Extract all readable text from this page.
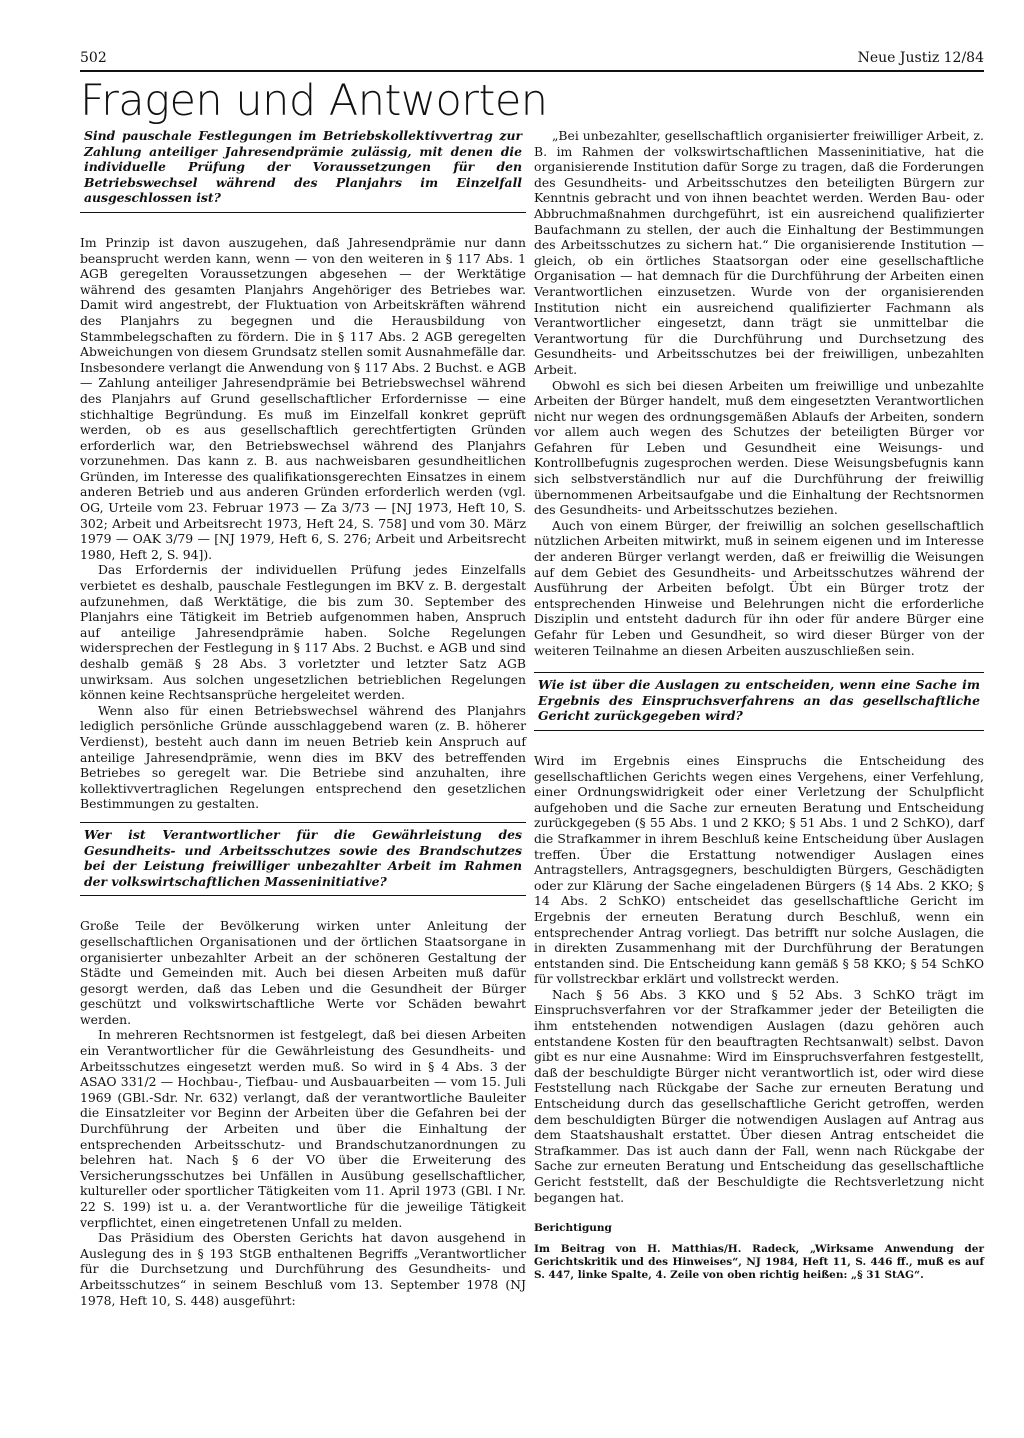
502	Neue Justiz 12/84
Fragen und Antworten
Sind pauschale Festlegungen im Betriebskollektivvertrag zur Zahlung anteiliger Jahresendprämie zulässig, mit denen die individuelle Prüfung der Voraussetzungen für den Betriebswechsel während des Planjahrs im Einzelfall ausgeschlossen ist?

Im Prinzip ist davon auszugehen, daß Jahresendprämie nur dann beansprucht werden kann, wenn — von den weiteren in § 117 Abs. 1 AGB geregelten Voraussetzungen abgesehen — der Werktätige während des gesamten Planjahrs Angehöriger des Betriebes war. Damit wird angestrebt, der Fluktuation von Arbeitskräften während des Planjahrs zu begegnen und die Herausbildung von Stammbelegschaften zu fördern. Die in § 117 Abs. 2 AGB geregelten Abweichungen von diesem Grundsatz stellen somit Ausnahmefälle dar. Insbesondere verlangt die Anwendung von § 117 Abs. 2 Buchst. e AGB — Zahlung anteiliger Jahresendprämie bei Betriebswechsel während des Planjahrs auf Grund gesellschaftlicher Erfordernisse — eine stichhaltige Begründung. Es muß im Einzelfall konkret geprüft werden, ob es aus gesellschaftlich gerechtfertigten Gründen erforderlich war, den Betriebswechsel während des Planjahrs vorzunehmen. Das kann z. B. aus nachweisbaren gesundheitlichen Gründen, im Interesse des qualifikationsgerechten Einsatzes in einem anderen Betrieb und aus anderen Gründen erforderlich werden (vgl. OG, Urteile vom 23. Februar 1973 — Za 3/73 — [NJ 1973, Heft 10, S. 302; Arbeit und Arbeitsrecht 1973, Heft 24, S. 758] und vom 30. März 1979 — OAK 3/79 — [NJ 1979, Heft 6, S. 276; Arbeit und Arbeitsrecht 1980, Heft 2, S. 94]).

Das Erfordernis der individuellen Prüfung jedes Einzelfalls verbietet es deshalb, pauschale Festlegungen im BKV z. B. dergestalt aufzunehmen, daß Werktätige, die bis zum 30. September des Planjahrs eine Tätigkeit im Betrieb aufgenommen haben, Anspruch auf anteilige Jahresendprämie haben. Solche Regelungen widersprechen der Festlegung in § 117 Abs. 2 Buchst. e AGB und sind deshalb gemäß § 28 Abs. 3 vorletzter und letzter Satz AGB unwirksam. Aus solchen ungesetzlichen betrieblichen Regelungen können keine Rechtsansprüche hergeleitet werden.

Wenn also für einen Betriebswechsel während des Planjahrs lediglich persönliche Gründe ausschlaggebend waren (z. B. höherer Verdienst), besteht auch dann im neuen Betrieb kein Anspruch auf anteilige Jahresendprämie, wenn dies im BKV des betreffenden Betriebes so geregelt war. Die Betriebe sind anzuhalten, ihre kollektivvertraglichen Regelungen entsprechend den gesetzlichen Bestimmungen zu gestalten.

Wer ist Verantwortlicher für die Gewährleistung des Gesundheits- und Arbeitsschutzes sowie des Brandschutzes bei der Leistung freiwilliger unbezahlter Arbeit im Rahmen der volkswirtschaftlichen Masseninitiative?

Große Teile der Bevölkerung wirken unter Anleitung der gesellschaftlichen Organisationen und der örtlichen Staatsorgane in organisierter unbezahlter Arbeit an der schöneren Gestaltung der Städte und Gemeinden mit. Auch bei diesen Arbeiten muß dafür gesorgt werden, daß das Leben und die Gesundheit der Bürger geschützt und volkswirtschaftliche Werte vor Schäden bewahrt werden.

In mehreren Rechtsnormen ist festgelegt, daß bei diesen Arbeiten ein Verantwortlicher für die Gewährleistung des Gesundheits- und Arbeitsschutzes eingesetzt werden muß. So wird in § 4 Abs. 3 der ASAO 331/2 — Hochbau-, Tiefbau- und Ausbauarbeiten — vom 15. Juli 1969 (GBl.-Sdr. Nr. 632) verlangt, daß der verantwortliche Bauleiter die Einsatzleiter vor Beginn der Arbeiten über die Gefahren bei der Durchführung der Arbeiten und über die Einhaltung der entsprechenden Arbeitsschutz- und Brandschutzanordnungen zu belehren hat. Nach § 6 der VO über die Erweiterung des Versicherungsschutzes bei Unfällen in Ausübung gesellschaftlicher, kultureller oder sportlicher Tätigkeiten vom 11. April 1973 (GBl. I Nr. 22 S. 199) ist u. a. der Verantwortliche für die jeweilige Tätigkeit verpflichtet, einen eingetretenen Unfall zu melden.

Das Präsidium des Obersten Gerichts hat davon ausgehend in Auslegung des in § 193 StGB enthaltenen Begriffs „Verantwortlicher für die Durchsetzung und Durchführung des Gesundheits- und Arbeitsschutzes“ in seinem Beschluß vom 13. September 1978 (NJ 1978, Heft 10, S. 448) ausgeführt:

„Bei unbezahlter, gesellschaftlich organisierter freiwilliger Arbeit, z. B. im Rahmen der volkswirtschaftlichen Masseninitiative, hat die organisierende Institution dafür Sorge zu tragen, daß die Forderungen des Gesundheits- und Arbeitsschutzes den beteiligten Bürgern zur Kenntnis gebracht und von ihnen beachtet werden. Werden Bau- oder Abbruchmaßnahmen durchgeführt, ist ein ausreichend qualifizierter Baufachmann zu stellen, der auch die Einhaltung der Bestimmungen des Arbeitsschutzes zu sichern hat.“ Die organisierende Institution — gleich, ob ein örtliches Staatsorgan oder eine gesellschaftliche Organisation — hat demnach für die Durchführung der Arbeiten einen Verantwortlichen einzusetzen. Wurde von der organisierenden Institution nicht ein ausreichend qualifizierter Fachmann als Verantwortlicher eingesetzt, dann trägt sie unmittelbar die Verantwortung für die Durchführung und Durchsetzung des Gesundheits- und Arbeitsschutzes bei der freiwilligen, unbezahlten Arbeit.

Obwohl es sich bei diesen Arbeiten um freiwillige und unbezahlte Arbeiten der Bürger handelt, muß dem eingesetzten Verantwortlichen nicht nur wegen des ordnungsgemäßen Ablaufs der Arbeiten, sondern vor allem auch wegen des Schutzes der beteiligten Bürger vor Gefahren für Leben und Gesundheit eine Weisungs- und Kontrollbefugnis zugesprochen werden. Diese Weisungsbefugnis kann sich selbstverständlich nur auf die Durchführung der freiwillig übernommenen Arbeitsaufgabe und die Einhaltung der Rechtsnormen des Gesundheits- und Arbeitsschutzes beziehen.

Auch von einem Bürger, der freiwillig an solchen gesellschaftlich nützlichen Arbeiten mitwirkt, muß in seinem eigenen und im Interesse der anderen Bürger verlangt werden, daß er freiwillig die Weisungen auf dem Gebiet des Gesundheits- und Arbeitsschutzes während der Ausführung der Arbeiten befolgt. Übt ein Bürger trotz der entsprechenden Hinweise und Belehrungen nicht die erforderliche Disziplin und entsteht dadurch für ihn oder für andere Bürger eine Gefahr für Leben und Gesundheit, so wird dieser Bürger von der weiteren Teilnahme an diesen Arbeiten auszuschließen sein.

Wie ist über die Auslagen zu entscheiden, wenn eine Sache im Ergebnis des Einspruchsverfahrens an das gesellschaftliche Gericht zurückgegeben wird?

Wird im Ergebnis eines Einspruchs die Entscheidung des gesellschaftlichen Gerichts wegen eines Vergehens, einer Verfehlung, einer Ordnungswidrigkeit oder einer Verletzung der Schulpflicht aufgehoben und die Sache zur erneuten Beratung und Entscheidung zurückgegeben (§ 55 Abs. 1 und 2 KKO; § 51 Abs. 1 und 2 SchKO), darf die Strafkammer in ihrem Beschluß keine Entscheidung über Auslagen treffen. Über die Erstattung notwendiger Auslagen eines Antragstellers, Antragsgegners, beschuldigten Bürgers, Geschädigten oder zur Klärung der Sache eingeladenen Bürgers (§ 14 Abs. 2 KKO; § 14 Abs. 2 SchKO) entscheidet das gesellschaftliche Gericht im Ergebnis der erneuten Beratung durch Beschluß, wenn ein entsprechender Antrag vorliegt. Das betrifft nur solche Auslagen, die in direkten Zusammenhang mit der Durchführung der Beratungen entstanden sind. Die Entscheidung kann gemäß § 58 KKO; § 54 SchKO für vollstreckbar erklärt und vollstreckt werden.

Nach § 56 Abs. 3 KKO und § 52 Abs. 3 SchKO trägt im Einspruchsverfahren vor der Strafkammer jeder der Beteiligten die ihm entstehenden notwendigen Auslagen (dazu gehören auch entstandene Kosten für den beauftragten Rechtsanwalt) selbst. Davon gibt es nur eine Ausnahme: Wird im Einspruchsverfahren festgestellt, daß der beschuldigte Bürger nicht verantwortlich ist, oder wird diese Feststellung nach Rückgabe der Sache zur erneuten Beratung und Entscheidung durch das gesellschaftliche Gericht getroffen, werden dem beschuldigten Bürger die notwendigen Auslagen auf Antrag aus dem Staatshaushalt erstattet. Über diesen Antrag entscheidet die Strafkammer. Das ist auch dann der Fall, wenn nach Rückgabe der Sache zur erneuten Beratung und Entscheidung das gesellschaftliche Gericht feststellt, daß der Beschuldigte die Rechtsverletzung nicht begangen hat.

Berichtigung
Im Beitrag von H. Matthias/H. Radeck, „Wirksame Anwendung der Gerichtskritik und des Hinweises“, NJ 1984, Heft 11, S. 446 ff., muß es auf S. 447, linke Spalte, 4. Zeile von oben richtig heißen: „§ 31 StAG“.
